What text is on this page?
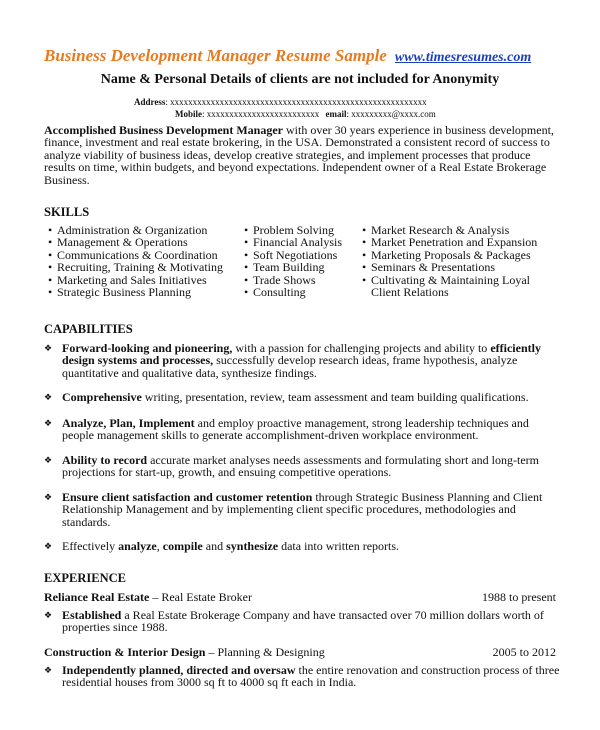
Business Development Manager Resume Sample www.timesresumes.com
Name & Personal Details of clients are not included for Anonymity
Address: xxxxxxxxxxxxxxxxxxxxxxxxxxxxxxxxxxxxxxxxxxxxxxxxxxxxxxxxx
Mobile: xxxxxxxxxxxxxxxxxxxxxxxxx email: xxxxxxxxx@xxxx.com
Accomplished Business Development Manager with over 30 years experience in business development, finance, investment and real estate brokering, in the USA. Demonstrated a consistent record of success to analyze viability of business ideas, develop creative strategies, and implement processes that produce results on time, within budgets, and beyond expectations. Independent owner of a Real Estate Brokerage Business.
SKILLS
• Administration & Organization
• Management & Operations
• Communications & Coordination
• Recruiting, Training & Motivating
• Marketing and Sales Initiatives
• Strategic Business Planning
• Problem Solving
• Financial Analysis
• Soft Negotiations
• Team Building
• Trade Shows
• Consulting
• Market Research & Analysis
• Market Penetration and Expansion
• Marketing Proposals & Packages
• Seminars & Presentations
• Cultivating & Maintaining Loyal
Client Relations
CAPABILITIES
❖ Forward-looking and pioneering, with a passion for challenging projects and ability to efficiently design systems and processes, successfully develop research ideas, frame hypothesis, analyze quantitative and qualitative data, synthesize findings.
❖ Comprehensive writing, presentation, review, team assessment and team building qualifications.
❖ Analyze, Plan, Implement and employ proactive management, strong leadership techniques and people management skills to generate accomplishment-driven workplace environment.
❖ Ability to record accurate market analyses needs assessments and formulating short and long-term projections for start-up, growth, and ensuing competitive operations.
❖ Ensure client satisfaction and customer retention through Strategic Business Planning and Client Relationship Management and by implementing client specific procedures, methodologies and standards.
❖ Effectively analyze, compile and synthesize data into written reports.
EXPERIENCE
Reliance Real Estate – Real Estate Broker	1988 to present
❖ Established a Real Estate Brokerage Company and have transacted over 70 million dollars worth of properties since 1988.
Construction & Interior Design – Planning & Designing	2005 to 2012
❖ Independently planned, directed and oversaw the entire renovation and construction process of three residential houses from 3000 sq ft to 4000 sq ft each in India.
